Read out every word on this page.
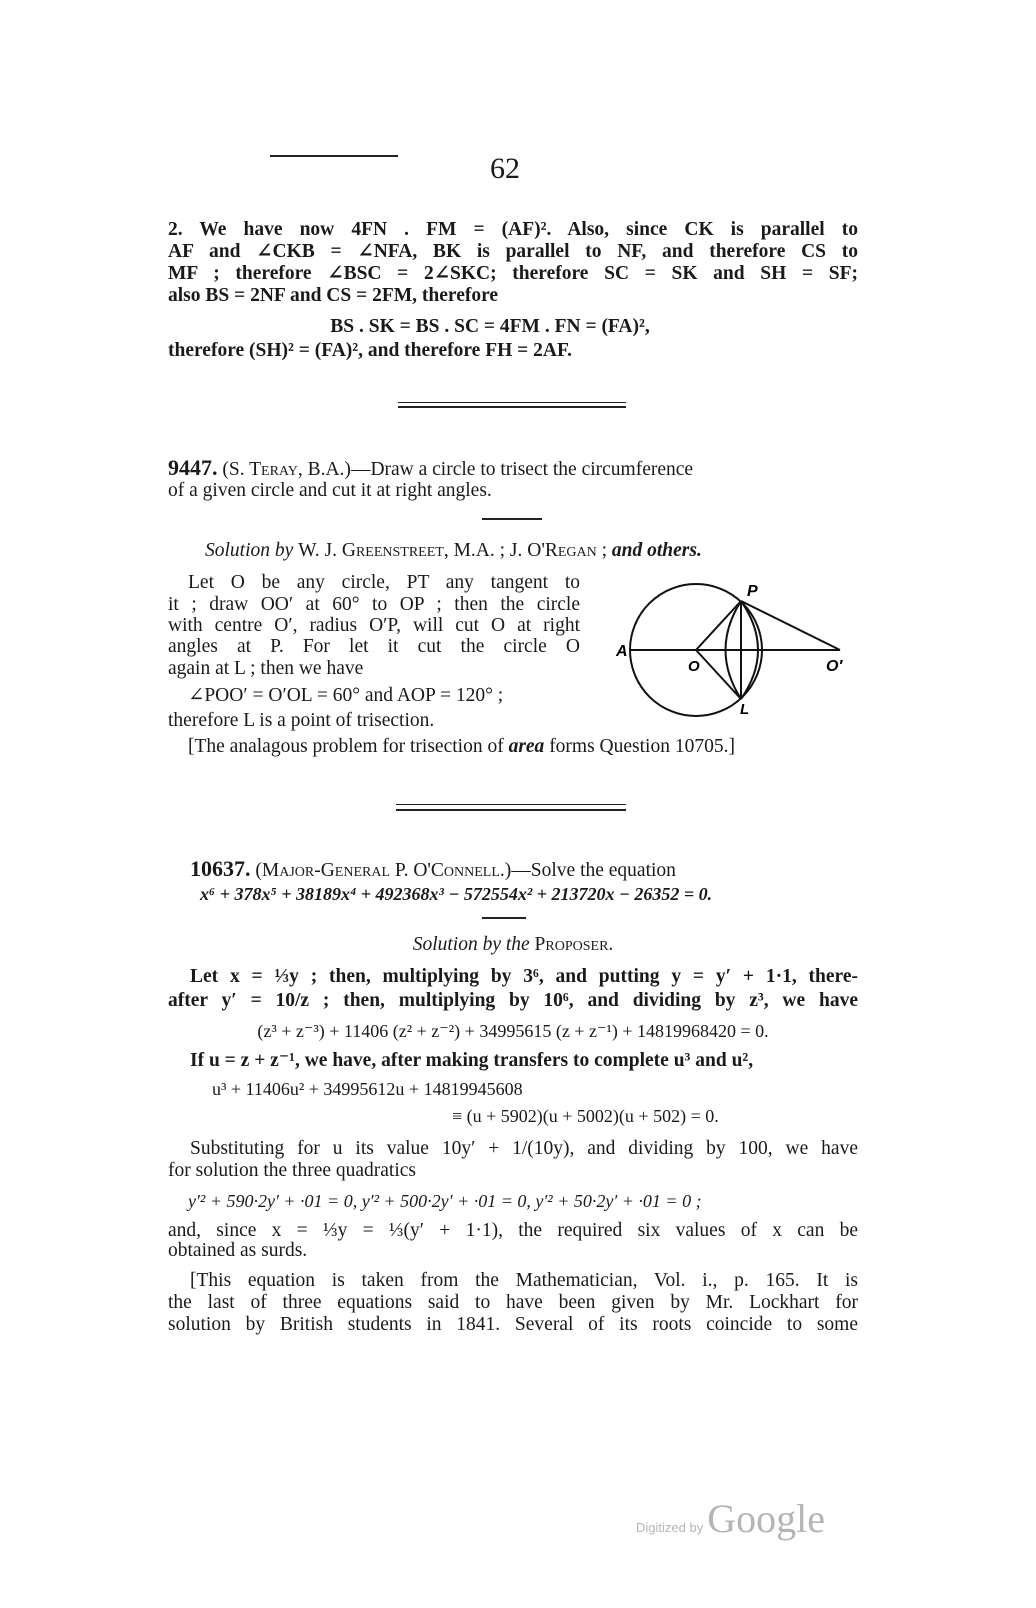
62
2. We have now 4FN . FM = (AF)². Also, since CK is parallel to
AF and ∠CKB = ∠NFA, BK is parallel to NF, and therefore CS to
MF ; therefore ∠BSC = 2∠SKC; therefore SC = SK and SH = SF;
also BS = 2NF and CS = 2FM, therefore
BS . SK = BS . SC = 4FM . FN = (FA)²,
therefore (SH)² = (FA)², and therefore FH = 2AF.
9447. (S. Teray, B.A.)—Draw a circle to trisect the circumference
of a given circle and cut it at right angles.
Solution by W. J. Greenstreet, M.A. ; J. O'Regan ; and others.
Let O be any circle, PT any tangent to
it ; draw OO′ at 60° to OP ; then the circle
with centre O′, radius O′P, will cut O at right
angles at P. For let it cut the circle O
again at L ; then we have
∠POO′ = O′OL = 60° and AOP = 120° ;
therefore L is a point of trisection.
P
A
O	O′
L
[The analagous problem for trisection of area forms Question 10705.]
10637. (Major-General P. O'Connell.)—Solve the equation
x⁶ + 378x⁵ + 38189x⁴ + 492368x³ − 572554x² + 213720x − 26352 = 0.
Solution by the Proposer.
Let x = ⅓y ; then, multiplying by 3⁶, and putting y = y′ + 1·1, there-
after y′ = 10/z ; then, multiplying by 10⁶, and dividing by z³, we have
(z³ + z⁻³) + 11406 (z² + z⁻²) + 34995615 (z + z⁻¹) + 14819968420 = 0.
If u = z + z⁻¹, we have, after making transfers to complete u³ and u²,
u³ + 11406u² + 34995612u + 14819945608
≡ (u + 5902)(u + 5002)(u + 502) = 0.
Substituting for u its value 10y′ + 1/(10y), and dividing by 100, we have
for solution the three quadratics
y′² + 590·2y′ + ·01 = 0, y′² + 500·2y′ + ·01 = 0, y′² + 50·2y′ + ·01 = 0 ;
and, since x = ⅓y = ⅓(y′ + 1·1), the required six values of x can be
obtained as surds.
[This equation is taken from the Mathematician, Vol. i., p. 165. It is
the last of three equations said to have been given by Mr. Lockhart for
solution by British students in 1841. Several of its roots coincide to some
Digitized by Google
